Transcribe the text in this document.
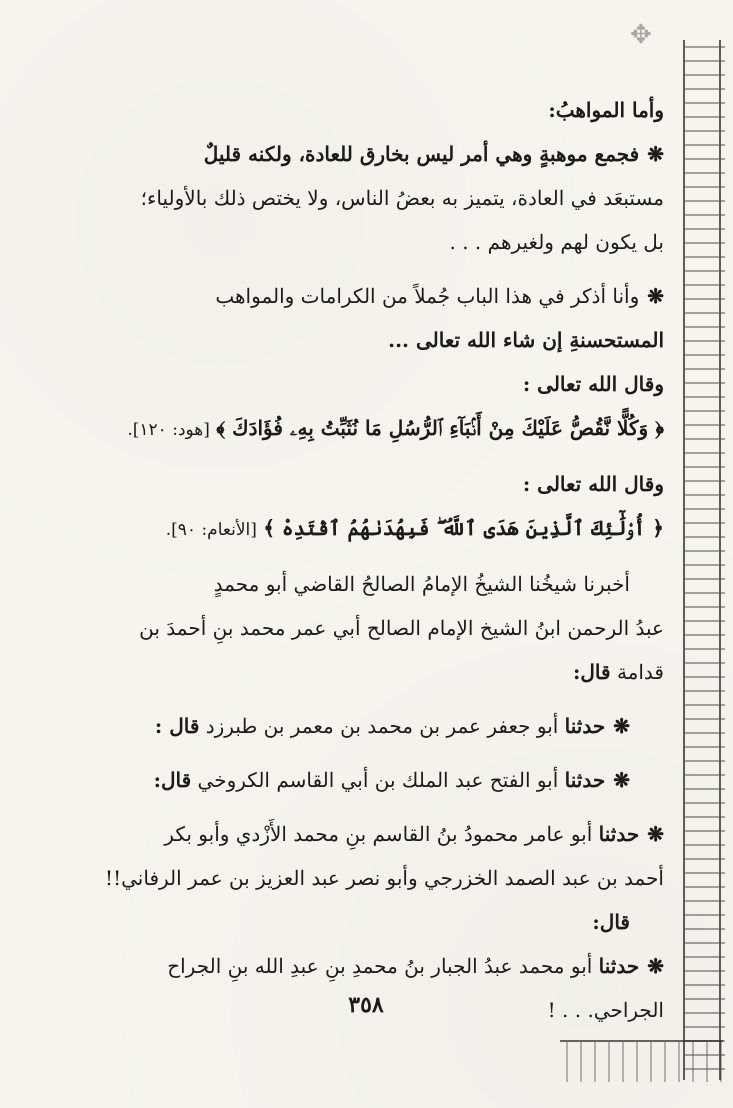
✥
وأما المواهبُ:
❋فجمع موهبةٍ وهي أمر ليس بخارق للعادة، ولكنه قليلٌ
مستبعَد في العادة، يتميز به بعضُ الناس، ولا يختص ذلك بالأولياء؛
بل يكون لهم ولغيرهم . . .
❋وأنا أذكر في هذا الباب جُملاً من الكرامات والمواهب
المستحسنةِ إن شاء الله تعالى ...
وقال الله تعالى :
﴿ وَكُلًّا نَّقُصُّ عَلَيْكَ مِنْ أَنۢبَآءِ ٱلرُّسُلِ مَا نُثَبِّتُ بِهِۦ فُؤَادَكَ ﴾ [هود: ١٢٠].
وقال الله تعالى :
﴿ أُو۟لَٰٓئِكَ ٱلَّذِينَ هَدَى ٱللَّهُ ۖ فَبِهُدَىٰهُمُ ٱقْتَدِهْ ﴾ [الأنعام: ٩٠].
أخبرنا شيخُنا الشيخُ الإمامُ الصالحُ القاضي أبو محمدٍ
عبدُ الرحمن ابنُ الشيخ الإمام الصالح أبي عمر محمد بنِ أحمدَ بن
قدامة قال:
❋حدثنا أبو جعفر عمر بن محمد بن معمر بن طبرزد قال :
❋حدثنا أبو الفتح عبد الملك بن أبي القاسم الكروخي قال:
❋حدثنا أبو عامر محمودُ بنُ القاسم بنِ محمد الأَزْدي وأبو بكر
أحمد بن عبد الصمد الخزرجي وأبو نصر عبد العزيز بن عمر الرفاني!!
قال:
❋حدثنا أبو محمد عبدُ الجبار بنُ محمدِ بنِ عبدِ الله بنِ الجراح
الجراحي. . . !
٣٥٨
